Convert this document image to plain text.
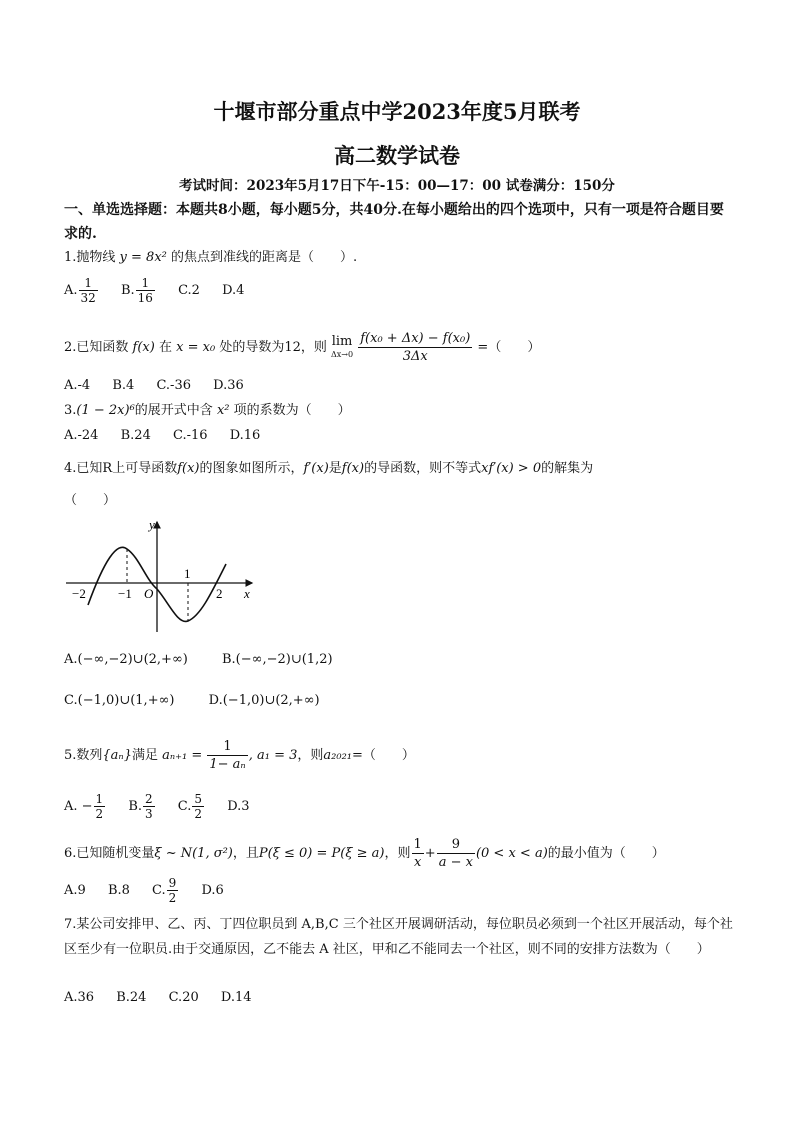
十堰市部分重点中学2023年度5月联考
高二数学试卷
考试时间：2023年5月17日下午-15：00—17：00 试卷满分：150分
一、单选选择题：本题共8小题，每小题5分，共40分.在每小题给出的四个选项中，只有一项是符合题目要求的.
1.抛物线 y = 8x² 的焦点到准线的距离是（　　）.
A. $\frac{1}{32} B$. $\frac{1}{16} C.2$ D.4
2.已知函数 f(x) 在 x = x₀ 处的导数为12，则 lim
Δx→0
$\frac{\text{f(x₀ + Δx) − f(x₀)}}{3\Delta x}$ =（　　）
A.-4 B.4 C.-36 D.36
3.(1 − 2x)⁶的展开式中含 x² 项的系数为（　　）
A.-24 B.24 C.-16 D.16
4.已知R上可导函数f(x)的图象如图所示，f′(x)是f(x)的导函数，则不等式xf′(x) > 0的解集为
（　　）
y
x
O
−2 −1
1
2
A.(−∞,−2)∪(2,+∞)	B.(−∞,−2)∪(1,2)
C.(−1,0)∪(1,+∞)	D.(−1,0)∪(2,+∞)
5.数列{aₙ}满足 $a_{n+1} = \frac{1}{\text{1− aₙ}}$ , a₁ = 3，则a₂₀₂₁=（　　）
A. − $\frac{1}{2} B$. $\frac{2}{3} C$. $\frac{5}{2} D.3$
6.已知随机变量ξ ~ N(1, σ²)，且P(ξ ≤ 0) = P(ξ ≥ a)，则 $\frac{1}{x} + \frac{9}{a - x} (0 < x < a)$的最小值为（　　）
A.9 B.8 C. $\frac{9}{2} D.6$
7.某公司安排甲、乙、丙、丁四位职员到 A,B,C 三个社区开展调研活动，每位职员必须到一个社区开展活动，每个社区至少有一位职员.由于交通原因，乙不能去 A 社区，甲和乙不能同去一个社区，则不同的安排方法数为（　　）
A.36 B.24 C.20 D.14
